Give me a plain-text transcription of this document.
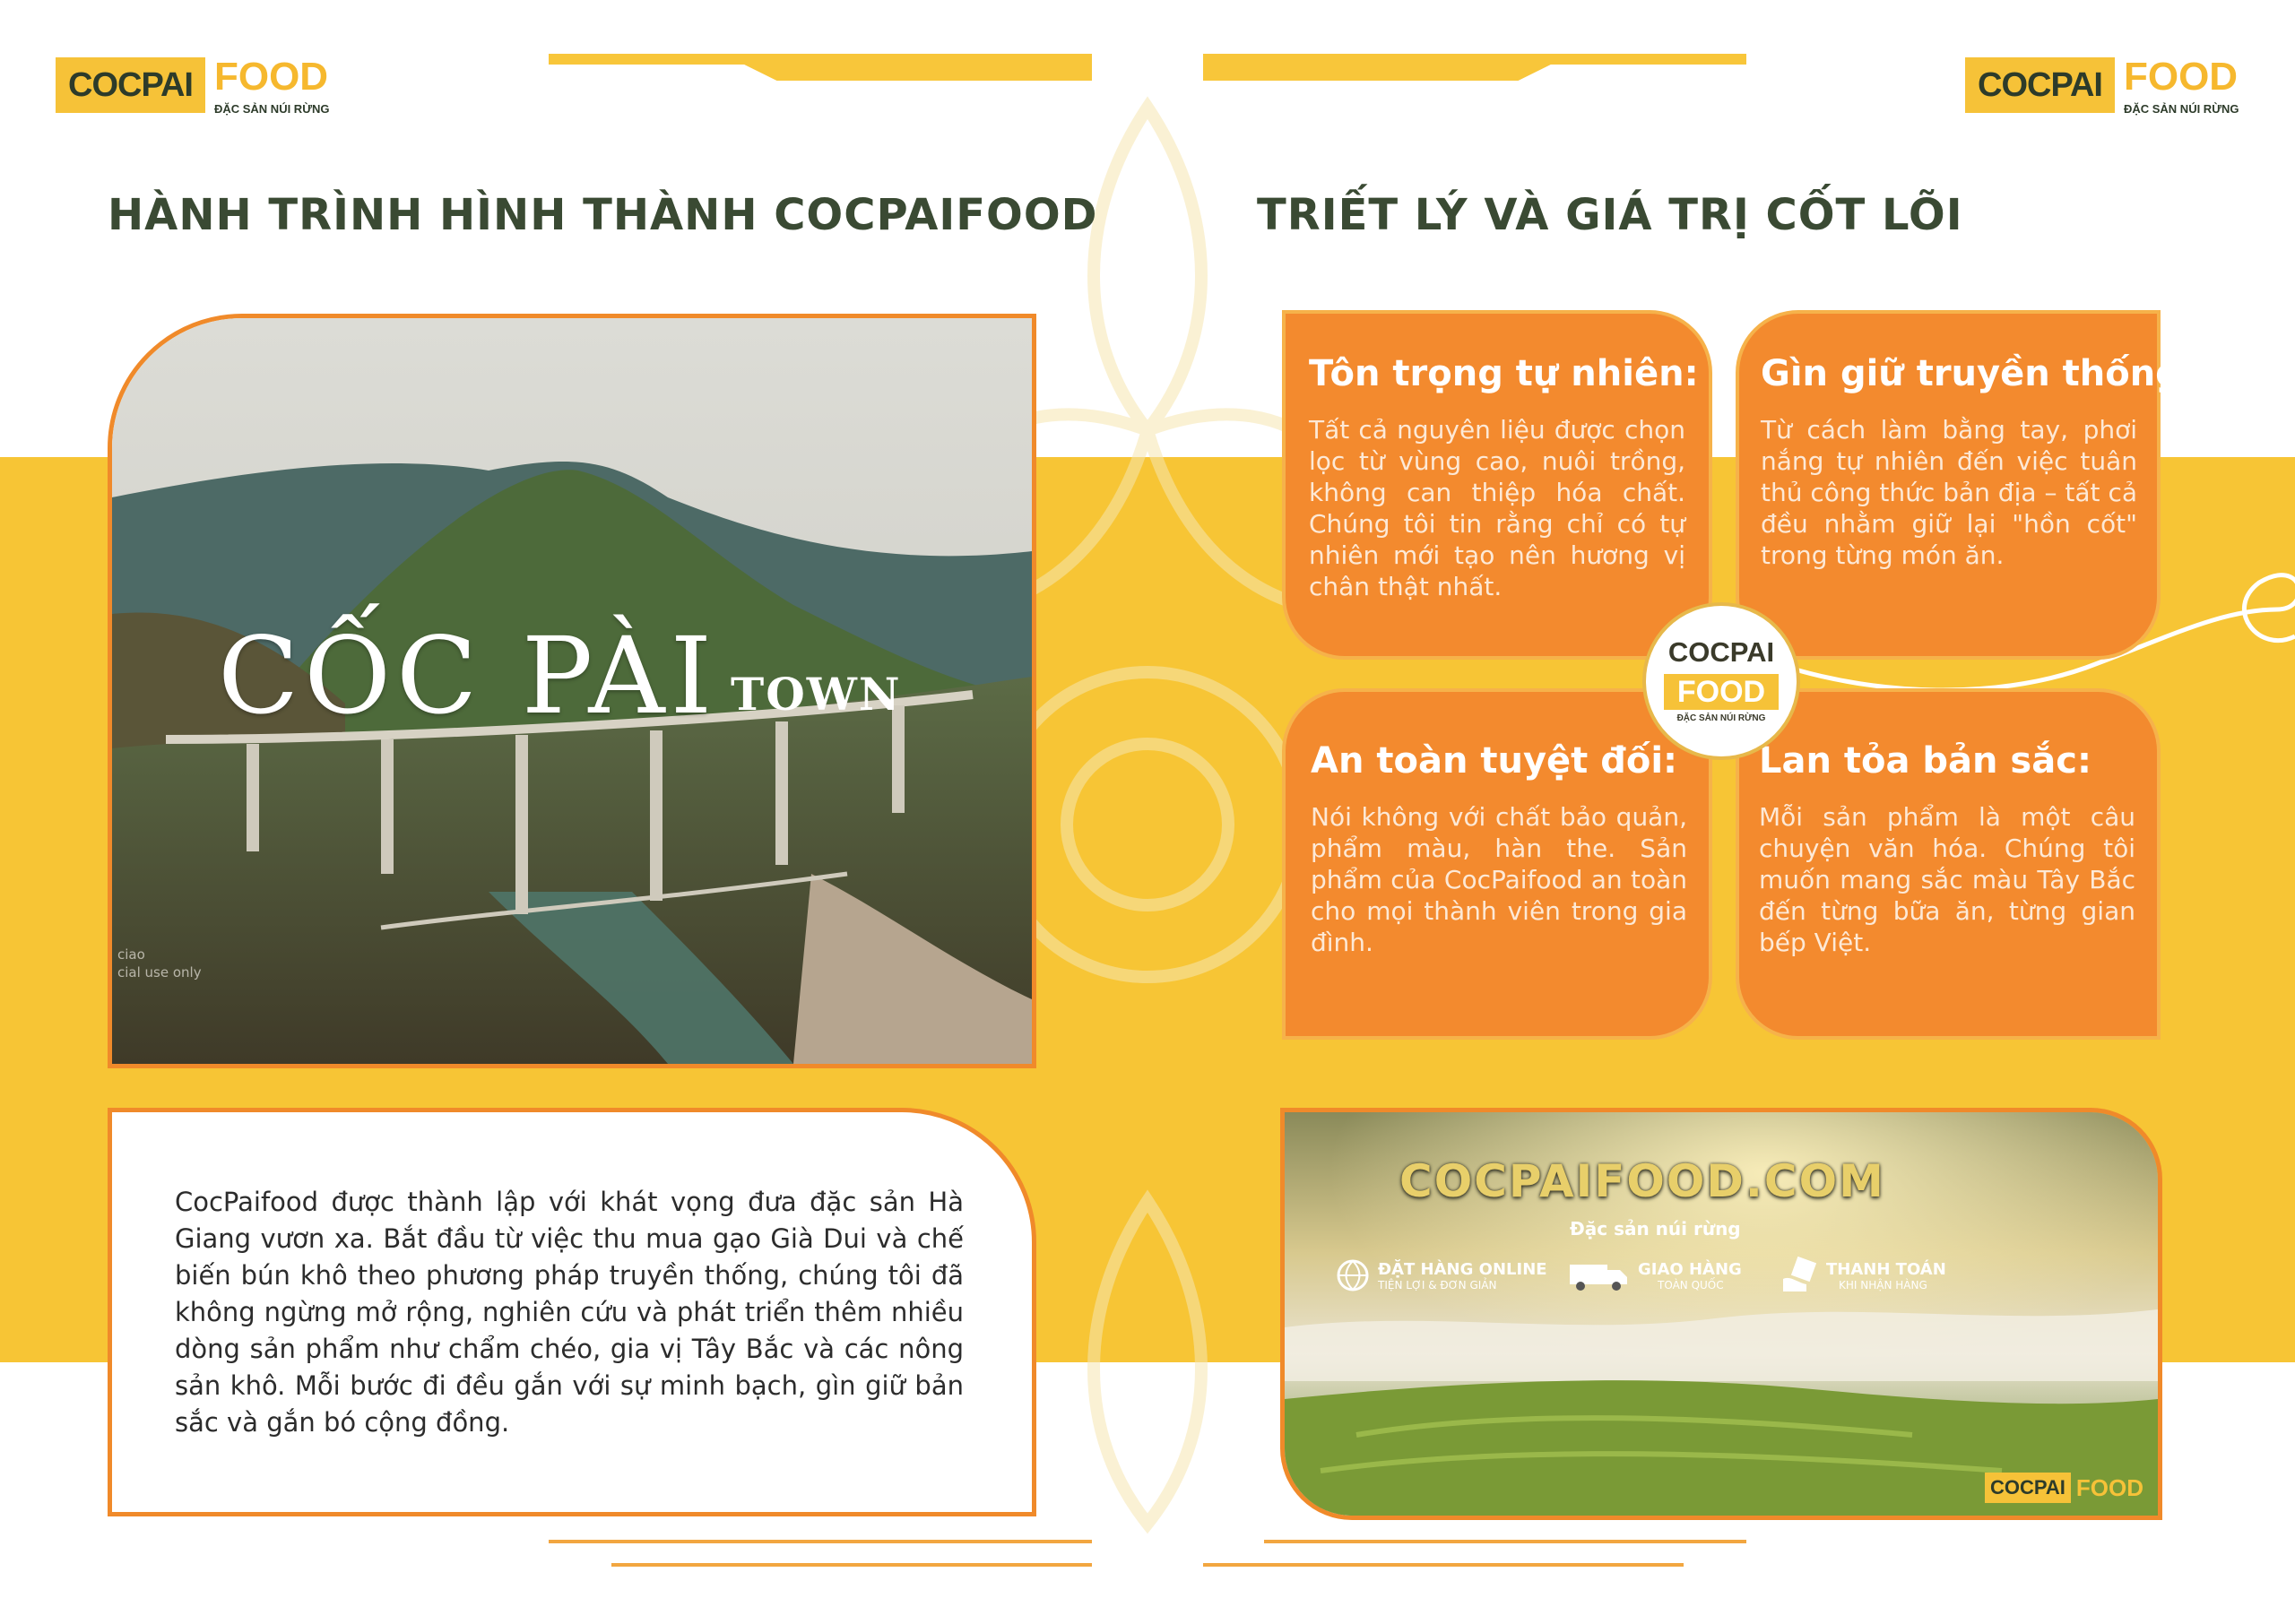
COCPAI FOOD
ĐẶC SẢN NÚI RỪNG
COCPAI FOOD
ĐẶC SẢN NÚI RỪNG
HÀNH TRÌNH HÌNH THÀNH COCPAIFOOD	TRIẾT LÝ VÀ GIÁ TRỊ CỐT LÕI
CỐC PÀI TOWN
ciao
cial use only

CocPaifood được thành lập với khát vọng đưa đặc sản Hà Giang vươn xa. Bắt đầu từ việc thu mua gạo Già Dui và chế biến bún khô theo phương pháp truyền thống, chúng tôi đã không ngừng mở rộng, nghiên cứu và phát triển thêm nhiều dòng sản phẩm như chẩm chéo, gia vị Tây Bắc và các nông sản khô. Mỗi bước đi đều gắn với sự minh bạch, gìn giữ bản sắc và gắn bó cộng đồng.

Tôn trọng tự nhiên:

Tất cả nguyên liệu được chọn lọc từ vùng cao, nuôi trồng, không can thiệp hóa chất. Chúng tôi tin rằng chỉ có tự nhiên mới tạo nên hương vị chân thật nhất.

Gìn giữ truyền thống:

Từ cách làm bằng tay, phơi nắng tự nhiên đến việc tuân thủ công thức bản địa – tất cả đều nhằm giữ lại "hồn cốt" trong từng món ăn.

An toàn tuyệt đối:

Nói không với chất bảo quản, phẩm màu, hàn the. Sản phẩm của CocPaifood an toàn cho mọi thành viên trong gia đình.

Lan tỏa bản sắc:

Mỗi sản phẩm là một câu chuyện văn hóa. Chúng tôi muốn mang sắc màu Tây Bắc đến từng bữa ăn, từng gian bếp Việt.

COCPAI
FOOD
ĐẶC SẢN NÚI RỪNG
COCPAIFOOD.COM
Đặc sản núi rừng
ĐẶT HÀNG ONLINE
TIỆN LỢI & ĐƠN GIẢN
GIAO HÀNG
TOÀN QUỐC
THANH TOÁN
KHI NHẬN HÀNG
COCPAI FOOD
